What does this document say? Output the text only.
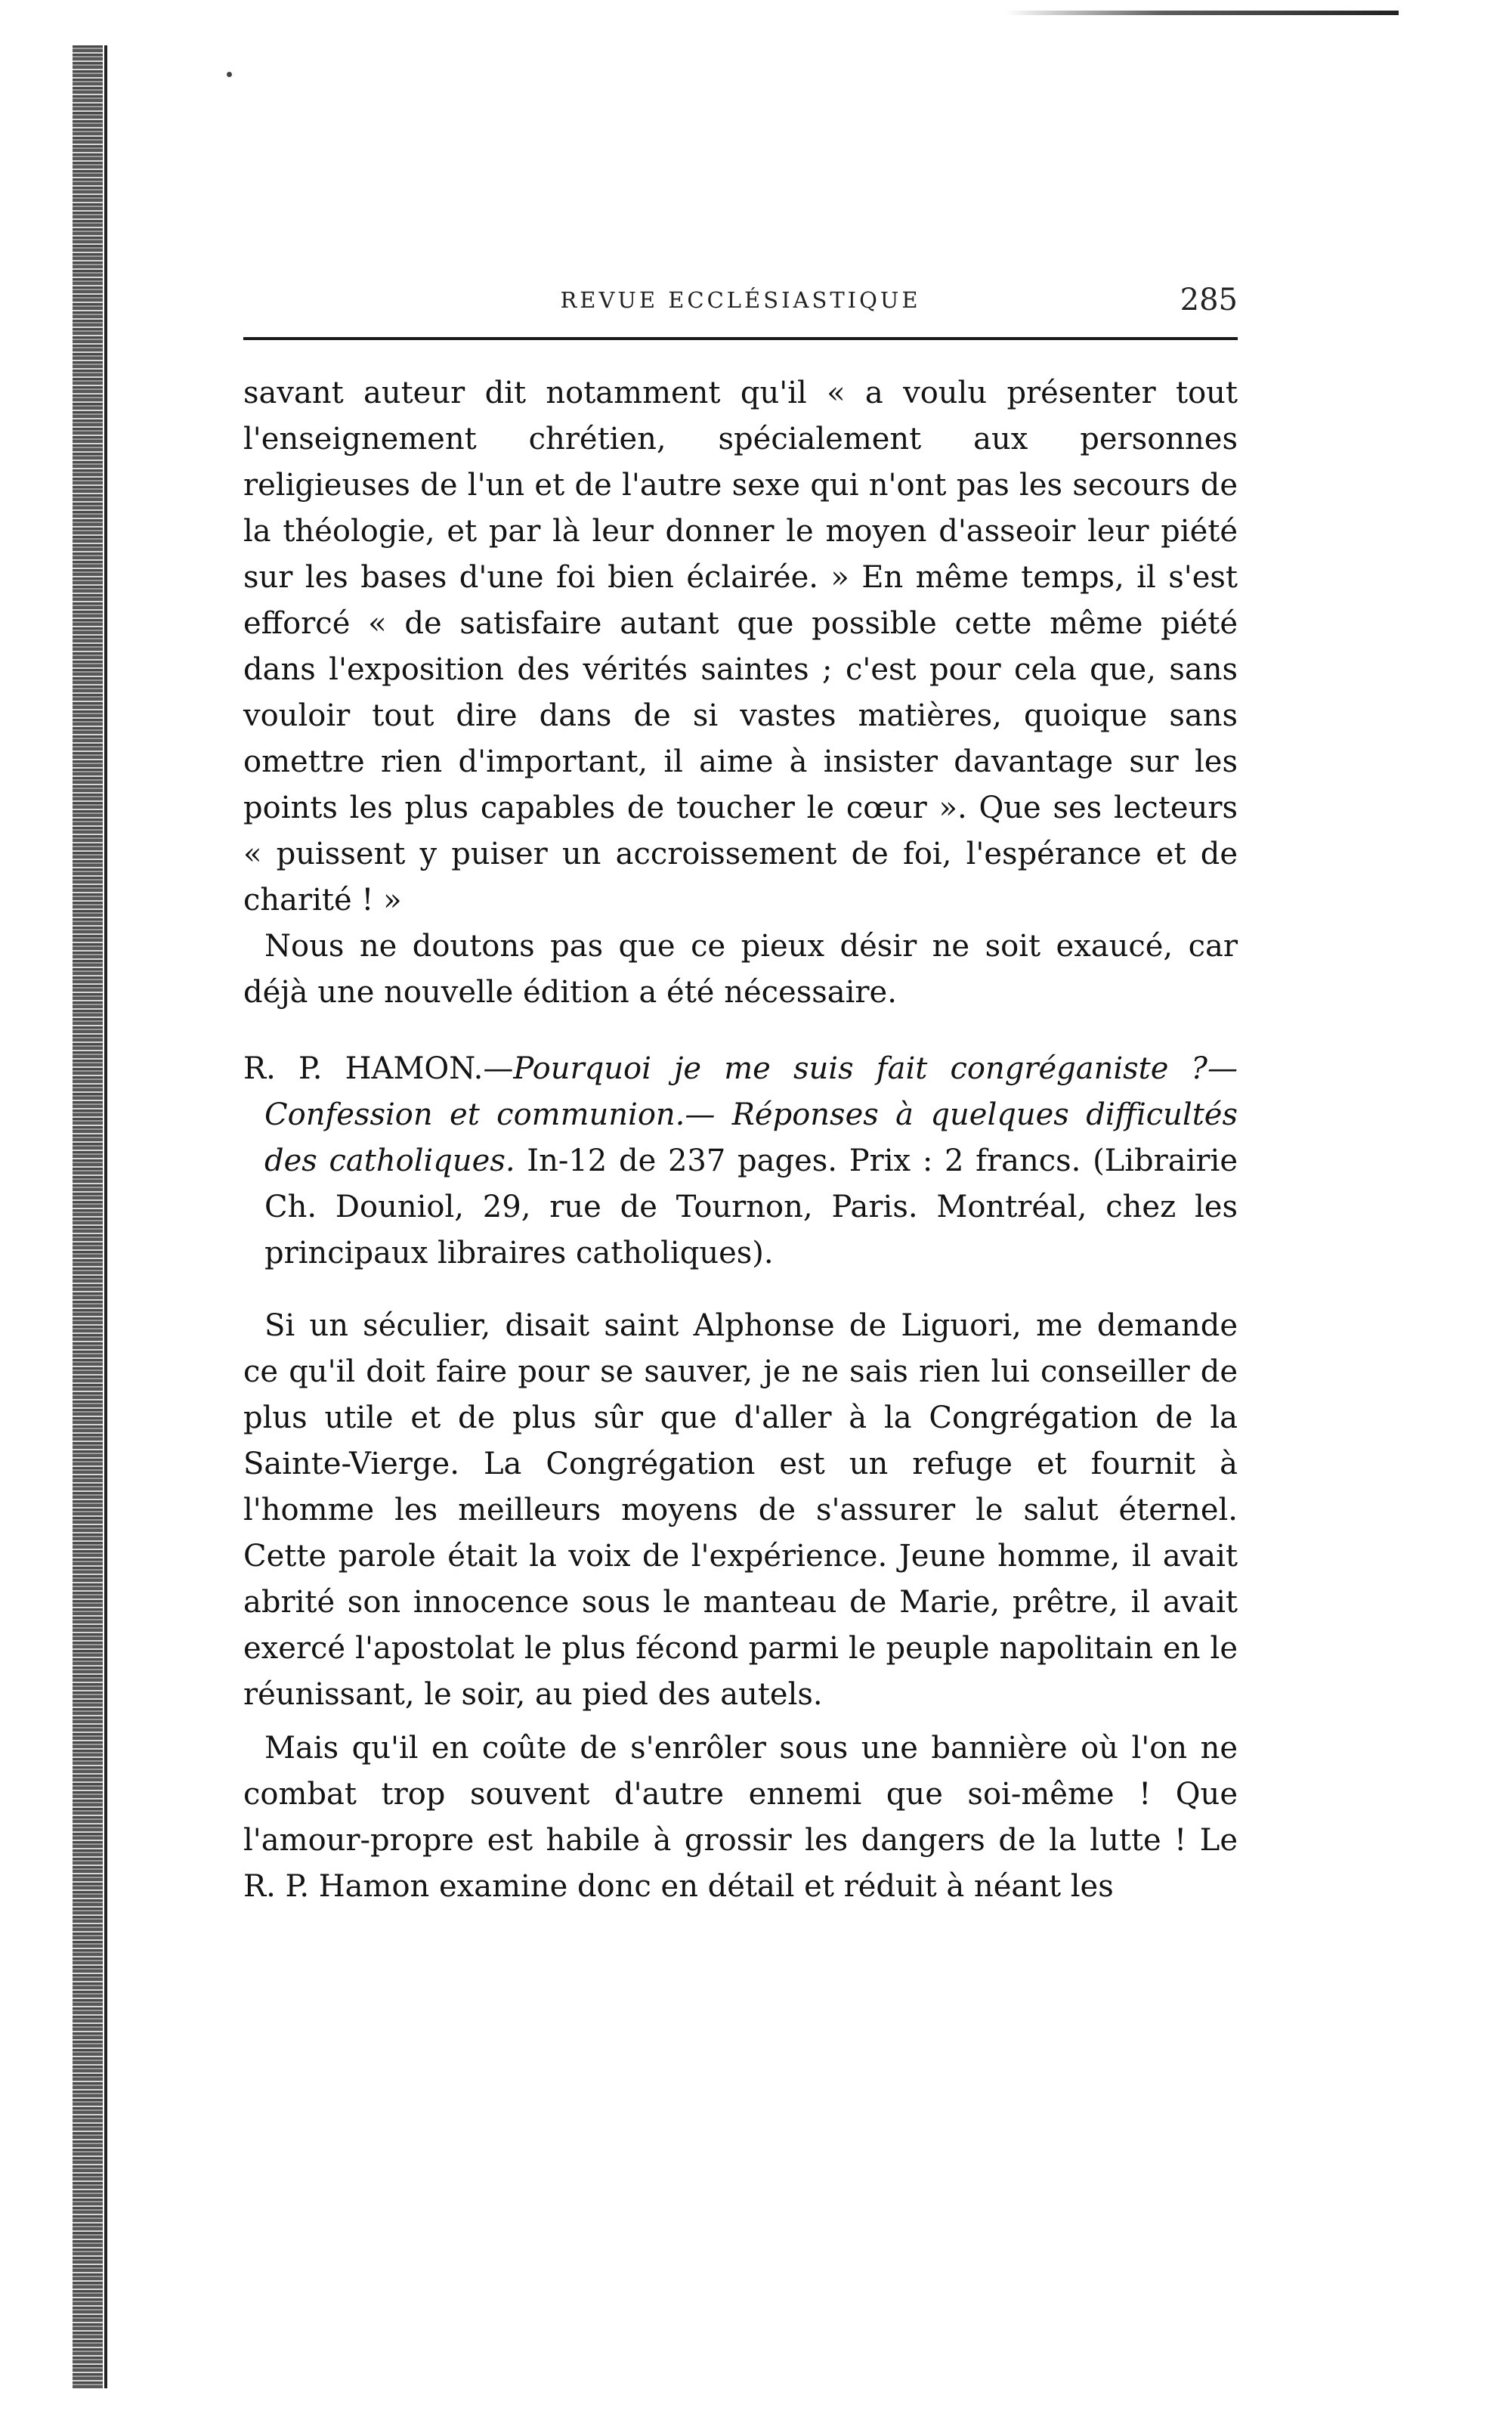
REVUE ECCLÉSIASTIQUE	285

savant auteur dit notamment qu'il « a voulu présenter tout l'enseignement chrétien, spécialement aux personnes religieuses de l'un et de l'autre sexe qui n'ont pas les secours de la théologie, et par là leur donner le moyen d'asseoir leur piété sur les bases d'une foi bien éclairée. » En même temps, il s'est efforcé « de satisfaire autant que possible cette même piété dans l'exposition des vérités saintes ; c'est pour cela que, sans vouloir tout dire dans de si vastes matières, quoique sans omettre rien d'important, il aime à insister davantage sur les points les plus capables de toucher le cœur ». Que ses lecteurs « puissent y puiser un accroissement de foi, l'espérance et de charité ! »

Nous ne doutons pas que ce pieux désir ne soit exaucé, car déjà une nouvelle édition a été nécessaire.

R. P. HAMON.—Pourquoi je me suis fait congréganiste ?— Confession et communion.— Réponses à quelques difficultés des catholiques. In-12 de 237 pages. Prix : 2 francs. (Librairie Ch. Douniol, 29, rue de Tournon, Paris. Montréal, chez les principaux libraires catholiques).

Si un séculier, disait saint Alphonse de Liguori, me demande ce qu'il doit faire pour se sauver, je ne sais rien lui conseiller de plus utile et de plus sûr que d'aller à la Congrégation de la Sainte-Vierge. La Congrégation est un refuge et fournit à l'homme les meilleurs moyens de s'assurer le salut éternel. Cette parole était la voix de l'expérience. Jeune homme, il avait abrité son innocence sous le manteau de Marie, prêtre, il avait exercé l'apostolat le plus fécond parmi le peuple napolitain en le réunissant, le soir, au pied des autels.

Mais qu'il en coûte de s'enrôler sous une bannière où l'on ne combat trop souvent d'autre ennemi que soi-même ! Que l'amour-propre est habile à grossir les dangers de la lutte ! Le R. P. Hamon examine donc en détail et réduit à néant les
